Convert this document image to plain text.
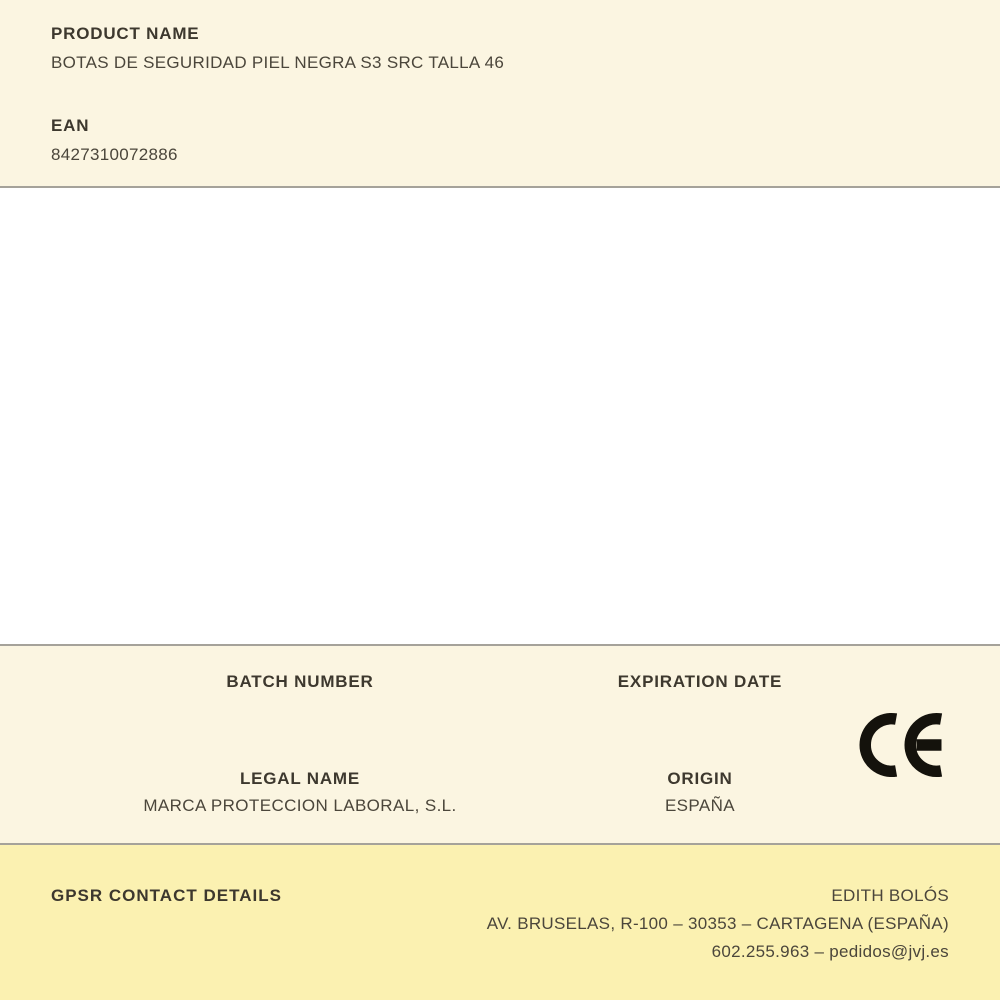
PRODUCT NAME
BOTAS DE SEGURIDAD PIEL NEGRA S3 SRC TALLA 46
EAN
8427310072886
BATCH NUMBER	EXPIRATION DATE
LEGAL NAME
MARCA PROTECCION LABORAL, S.L.
ORIGIN
ESPAÑA
GPSR CONTACT DETAILS	EDITH BOLÓS
AV. BRUSELAS, R-100 – 30353 – CARTAGENA (ESPAÑA)
602.255.963 – pedidos@jvj.es
